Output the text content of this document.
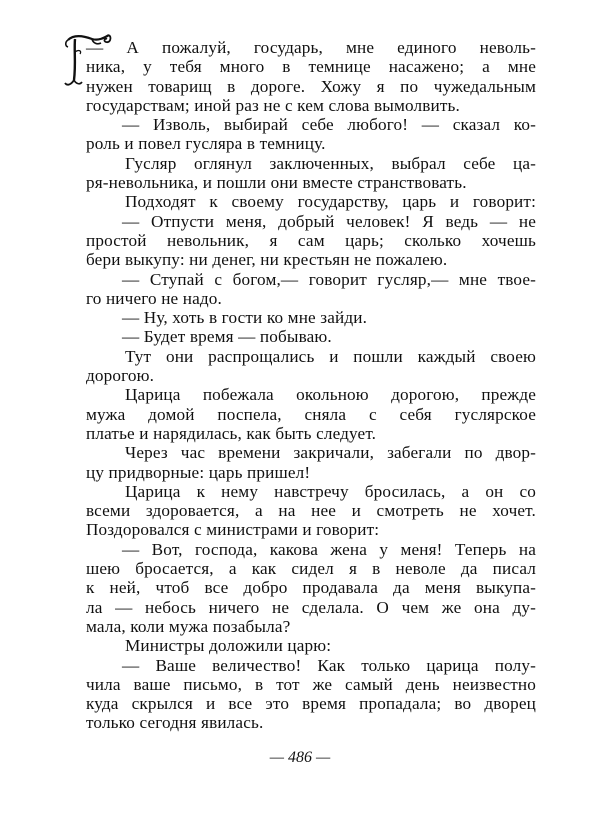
— А пожалуй, государь, мне единого неволь-
ника, у тебя много в темнице насажено; а мне
нужен товарищ в дороге. Хожу я по чужедальным
государствам; иной раз не с кем слова вымолвить.
— Изволь, выбирай себе любого! — сказал ко-
роль и повел гусляра в темницу.
Гусляр оглянул заключенных, выбрал себе ца-
ря-невольника, и пошли они вместе странствовать.
Подходят к своему государству, царь и говорит:
— Отпусти меня, добрый человек! Я ведь — не
простой невольник, я сам царь; сколько хочешь
бери выкупу: ни денег, ни крестьян не пожалею.
— Ступай с богом,— говорит гусляр,— мне твое-
го ничего не надо.
— Ну, хоть в гости ко мне зайди.
— Будет время — побываю.
Тут они распрощались и пошли каждый своею
дорогою.
Царица побежала окольною дорогою, прежде
мужа домой поспела, сняла с себя гуслярское
платье и нарядилась, как быть следует.
Через час времени закричали, забегали по двор-
цу придворные: царь пришел!
Царица к нему навстречу бросилась, а он со
всеми здоровается, а на нее и смотреть не хочет.
Поздоровался с министрами и говорит:
— Вот, господа, какова жена у меня! Теперь на
шею бросается, а как сидел я в неволе да писал
к ней, чтоб все добро продавала да меня выкупа-
ла — небось ничего не сделала. О чем же она ду-
мала, коли мужа позабыла?
Министры доложили царю:
— Ваше величество! Как только царица полу-
чила ваше письмо, в тот же самый день неизвестно
куда скрылся и все это время пропадала; во дворец
только сегодня явилась.
— 486 —
